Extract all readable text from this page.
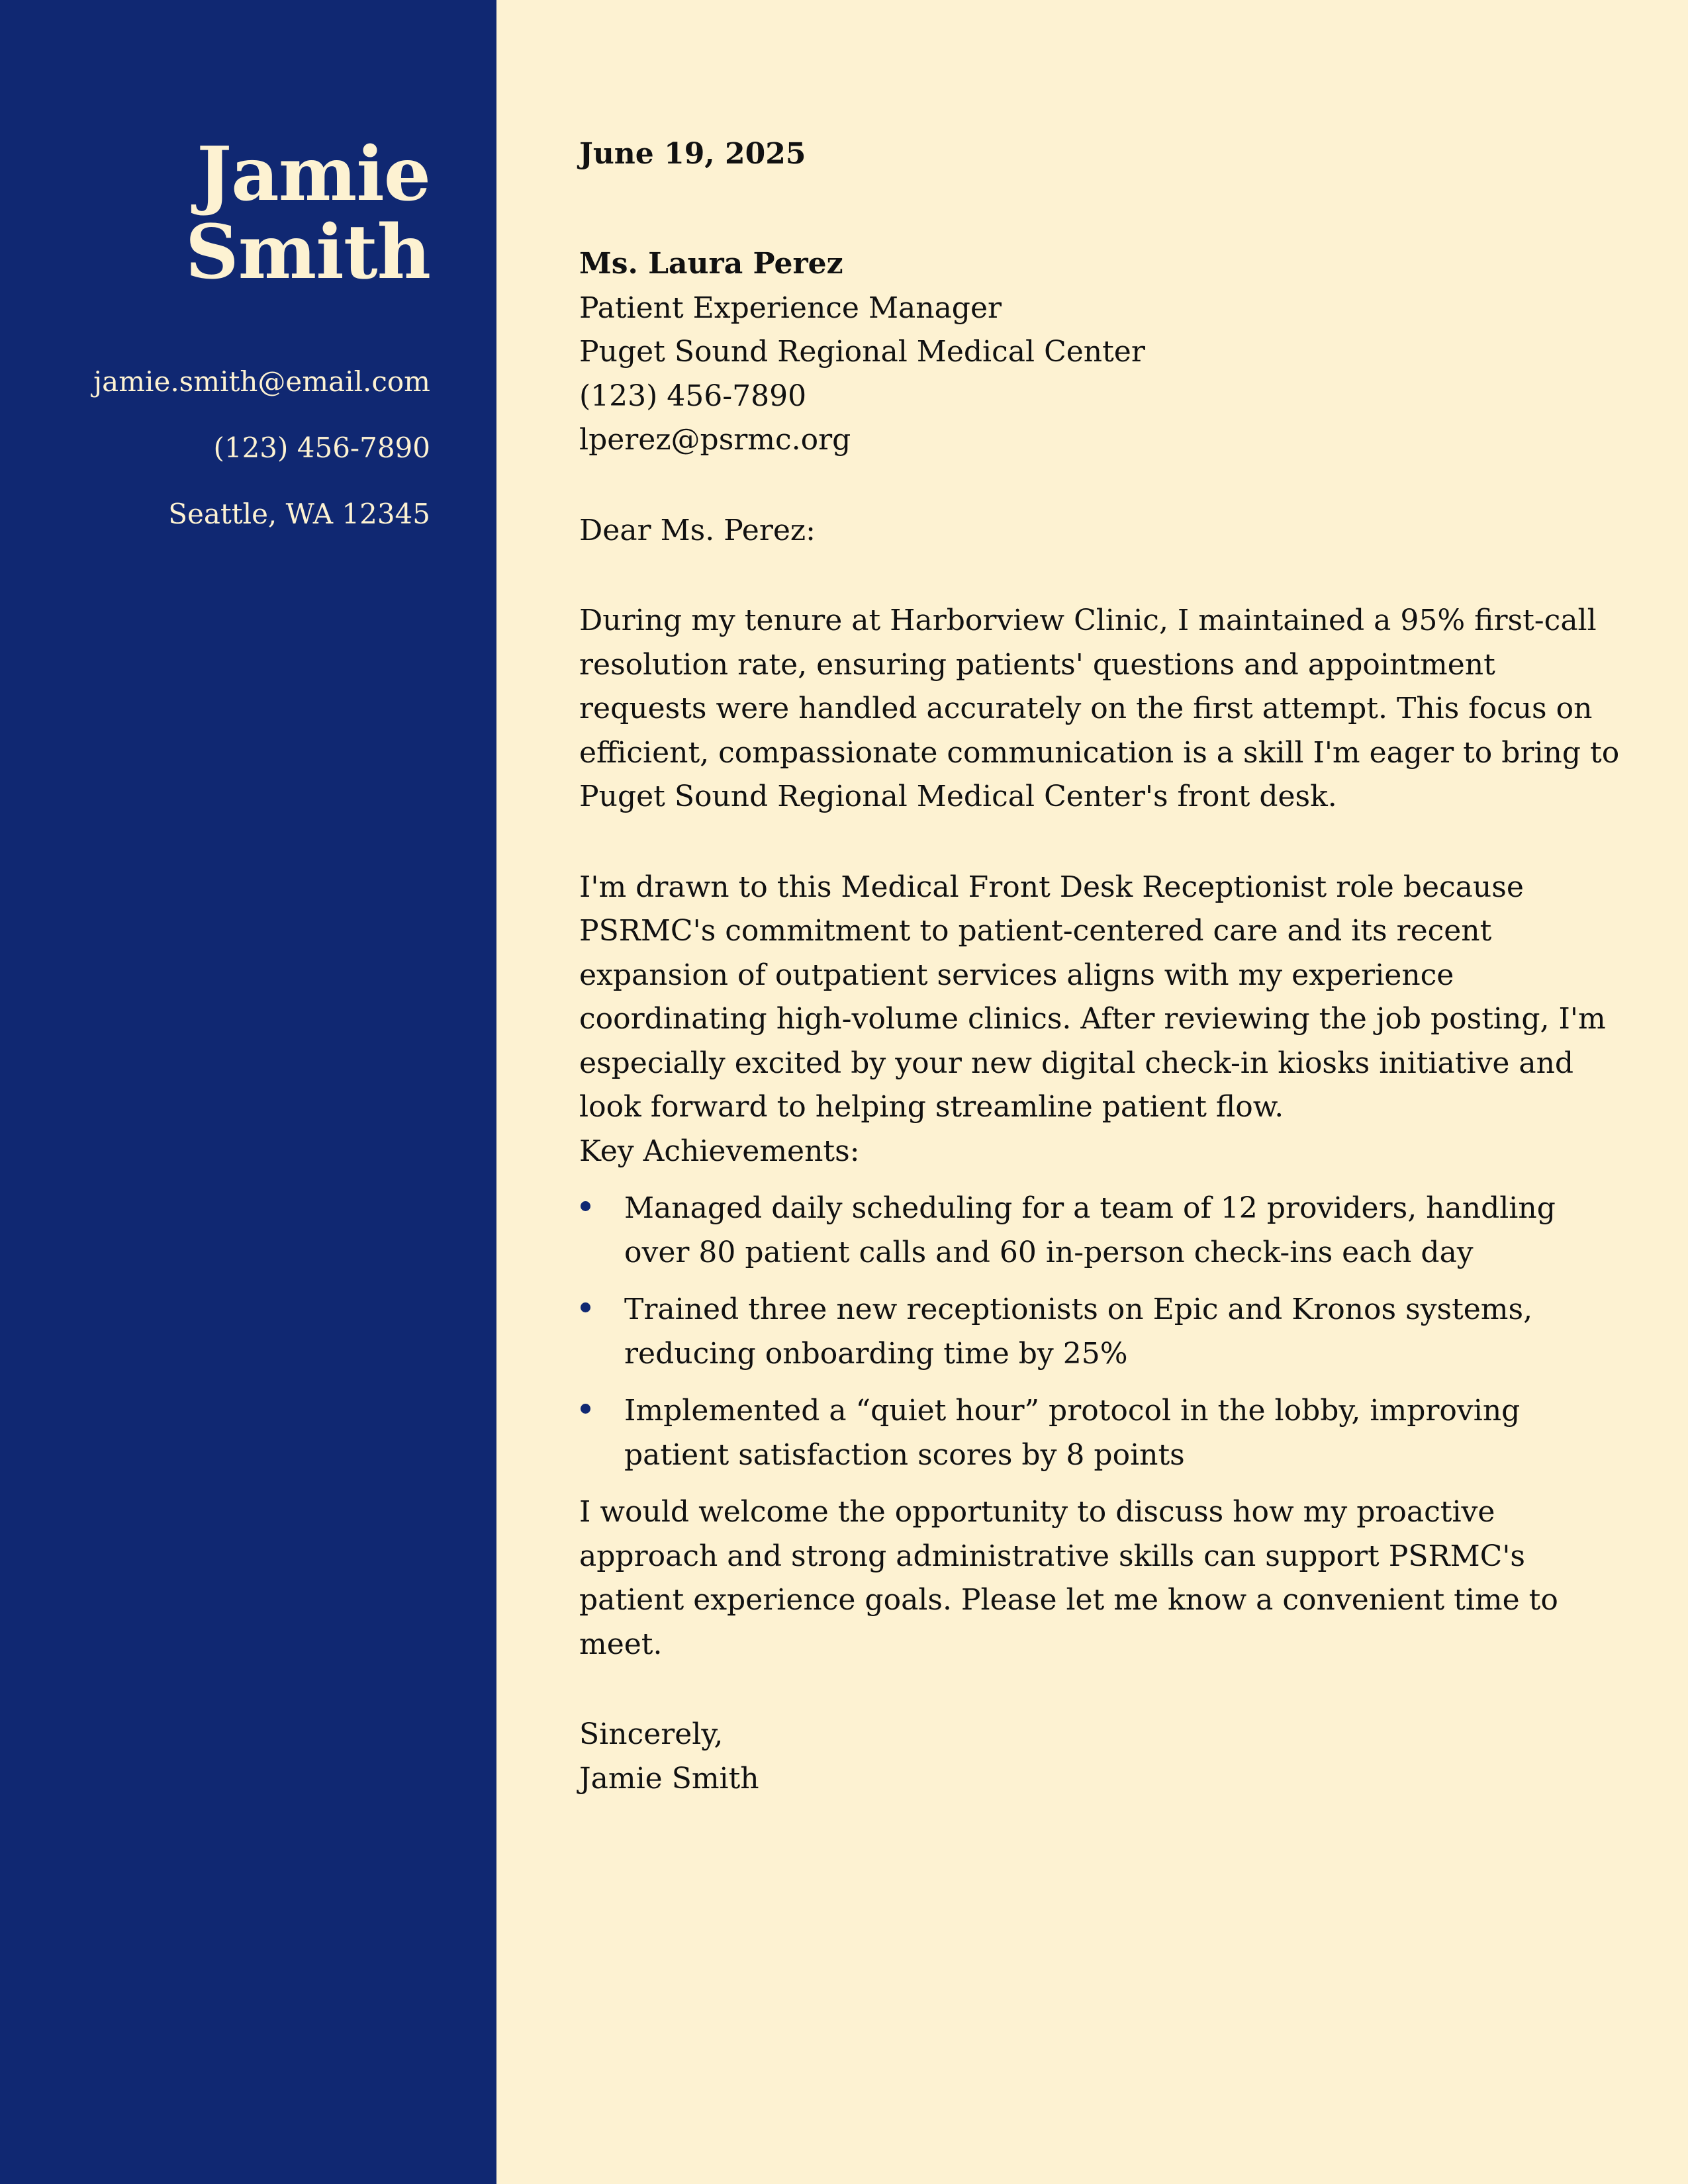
Jamie
Smith
jamie.smith@email.com
(123) 456-7890
Seattle, WA 12345

June 19, 2025

Ms. Laura Perez

Patient Experience Manager

Puget Sound Regional Medical Center

(123) 456-7890

lperez@psrmc.org

Dear Ms. Perez:

During my tenure at Harborview Clinic, I maintained a 95% first-call resolution rate, ensuring patients' questions and appointment requests were handled accurately on the first attempt. This focus on efficient, compassionate communication is a skill I'm eager to bring to Puget Sound Regional Medical Center's front desk.

I'm drawn to this Medical Front Desk Receptionist role because PSRMC's commitment to patient-centered care and its recent expansion of outpatient services aligns with my experience coordinating high-volume clinics. After reviewing the job posting, I'm especially excited by your new digital check-in kiosks initiative and look forward to helping streamline patient flow.

Key Achievements:

Managed daily scheduling for a team of 12 providers, handling over 80 patient calls and 60 in-person check-ins each day
Trained three new receptionists on Epic and Kronos systems, reducing onboarding time by 25%
Implemented a “quiet hour” protocol in the lobby, improving patient satisfaction scores by 8 points

I would welcome the opportunity to discuss how my proactive approach and strong administrative skills can support PSRMC's patient experience goals. Please let me know a convenient time to meet.

Sincerely,

Jamie Smith
